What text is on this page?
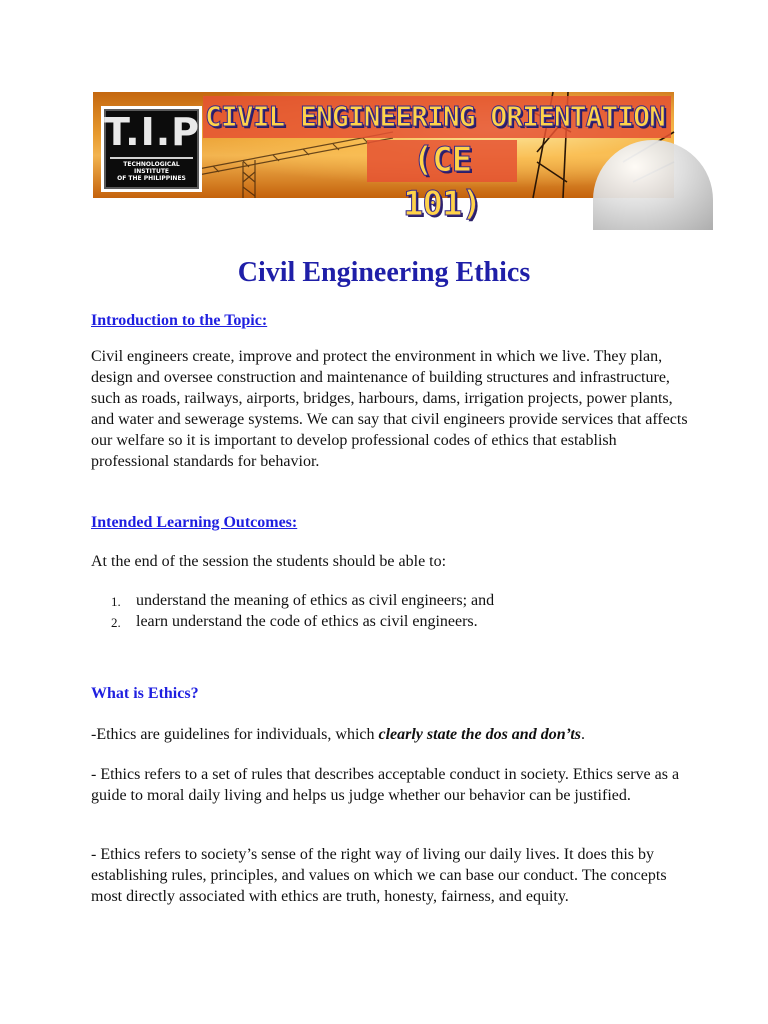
T.I.P
TECHNOLOGICAL INSTITUTE
OF THE PHILIPPINES
CIVIL ENGINEERING ORIENTATION
(CE 101)
Civil Engineering Ethics
Introduction to the Topic:

Civil engineers create, improve and protect the environment in which we live. They plan, design and oversee construction and maintenance of building structures and infrastructure, such as roads, railways, airports, bridges, harbours, dams, irrigation projects, power plants, and water and sewerage systems. We can say that civil engineers provide services that affects our welfare so it is important to develop professional codes of ethics that establish professional standards for behavior.

Intended Learning Outcomes:

At the end of the session the students should be able to:

1. understand the meaning of ethics as civil engineers; and
2. learn understand the code of ethics as civil engineers.
What is Ethics?

-Ethics are guidelines for individuals, which clearly state the dos and don’ts.

- Ethics refers to a set of rules that describes acceptable conduct in society. Ethics serve as a guide to moral daily living and helps us judge whether our behavior can be justified.

- Ethics refers to society’s sense of the right way of living our daily lives. It does this by establishing rules, principles, and values on which we can base our conduct. The concepts most directly associated with ethics are truth, honesty, fairness, and equity.
